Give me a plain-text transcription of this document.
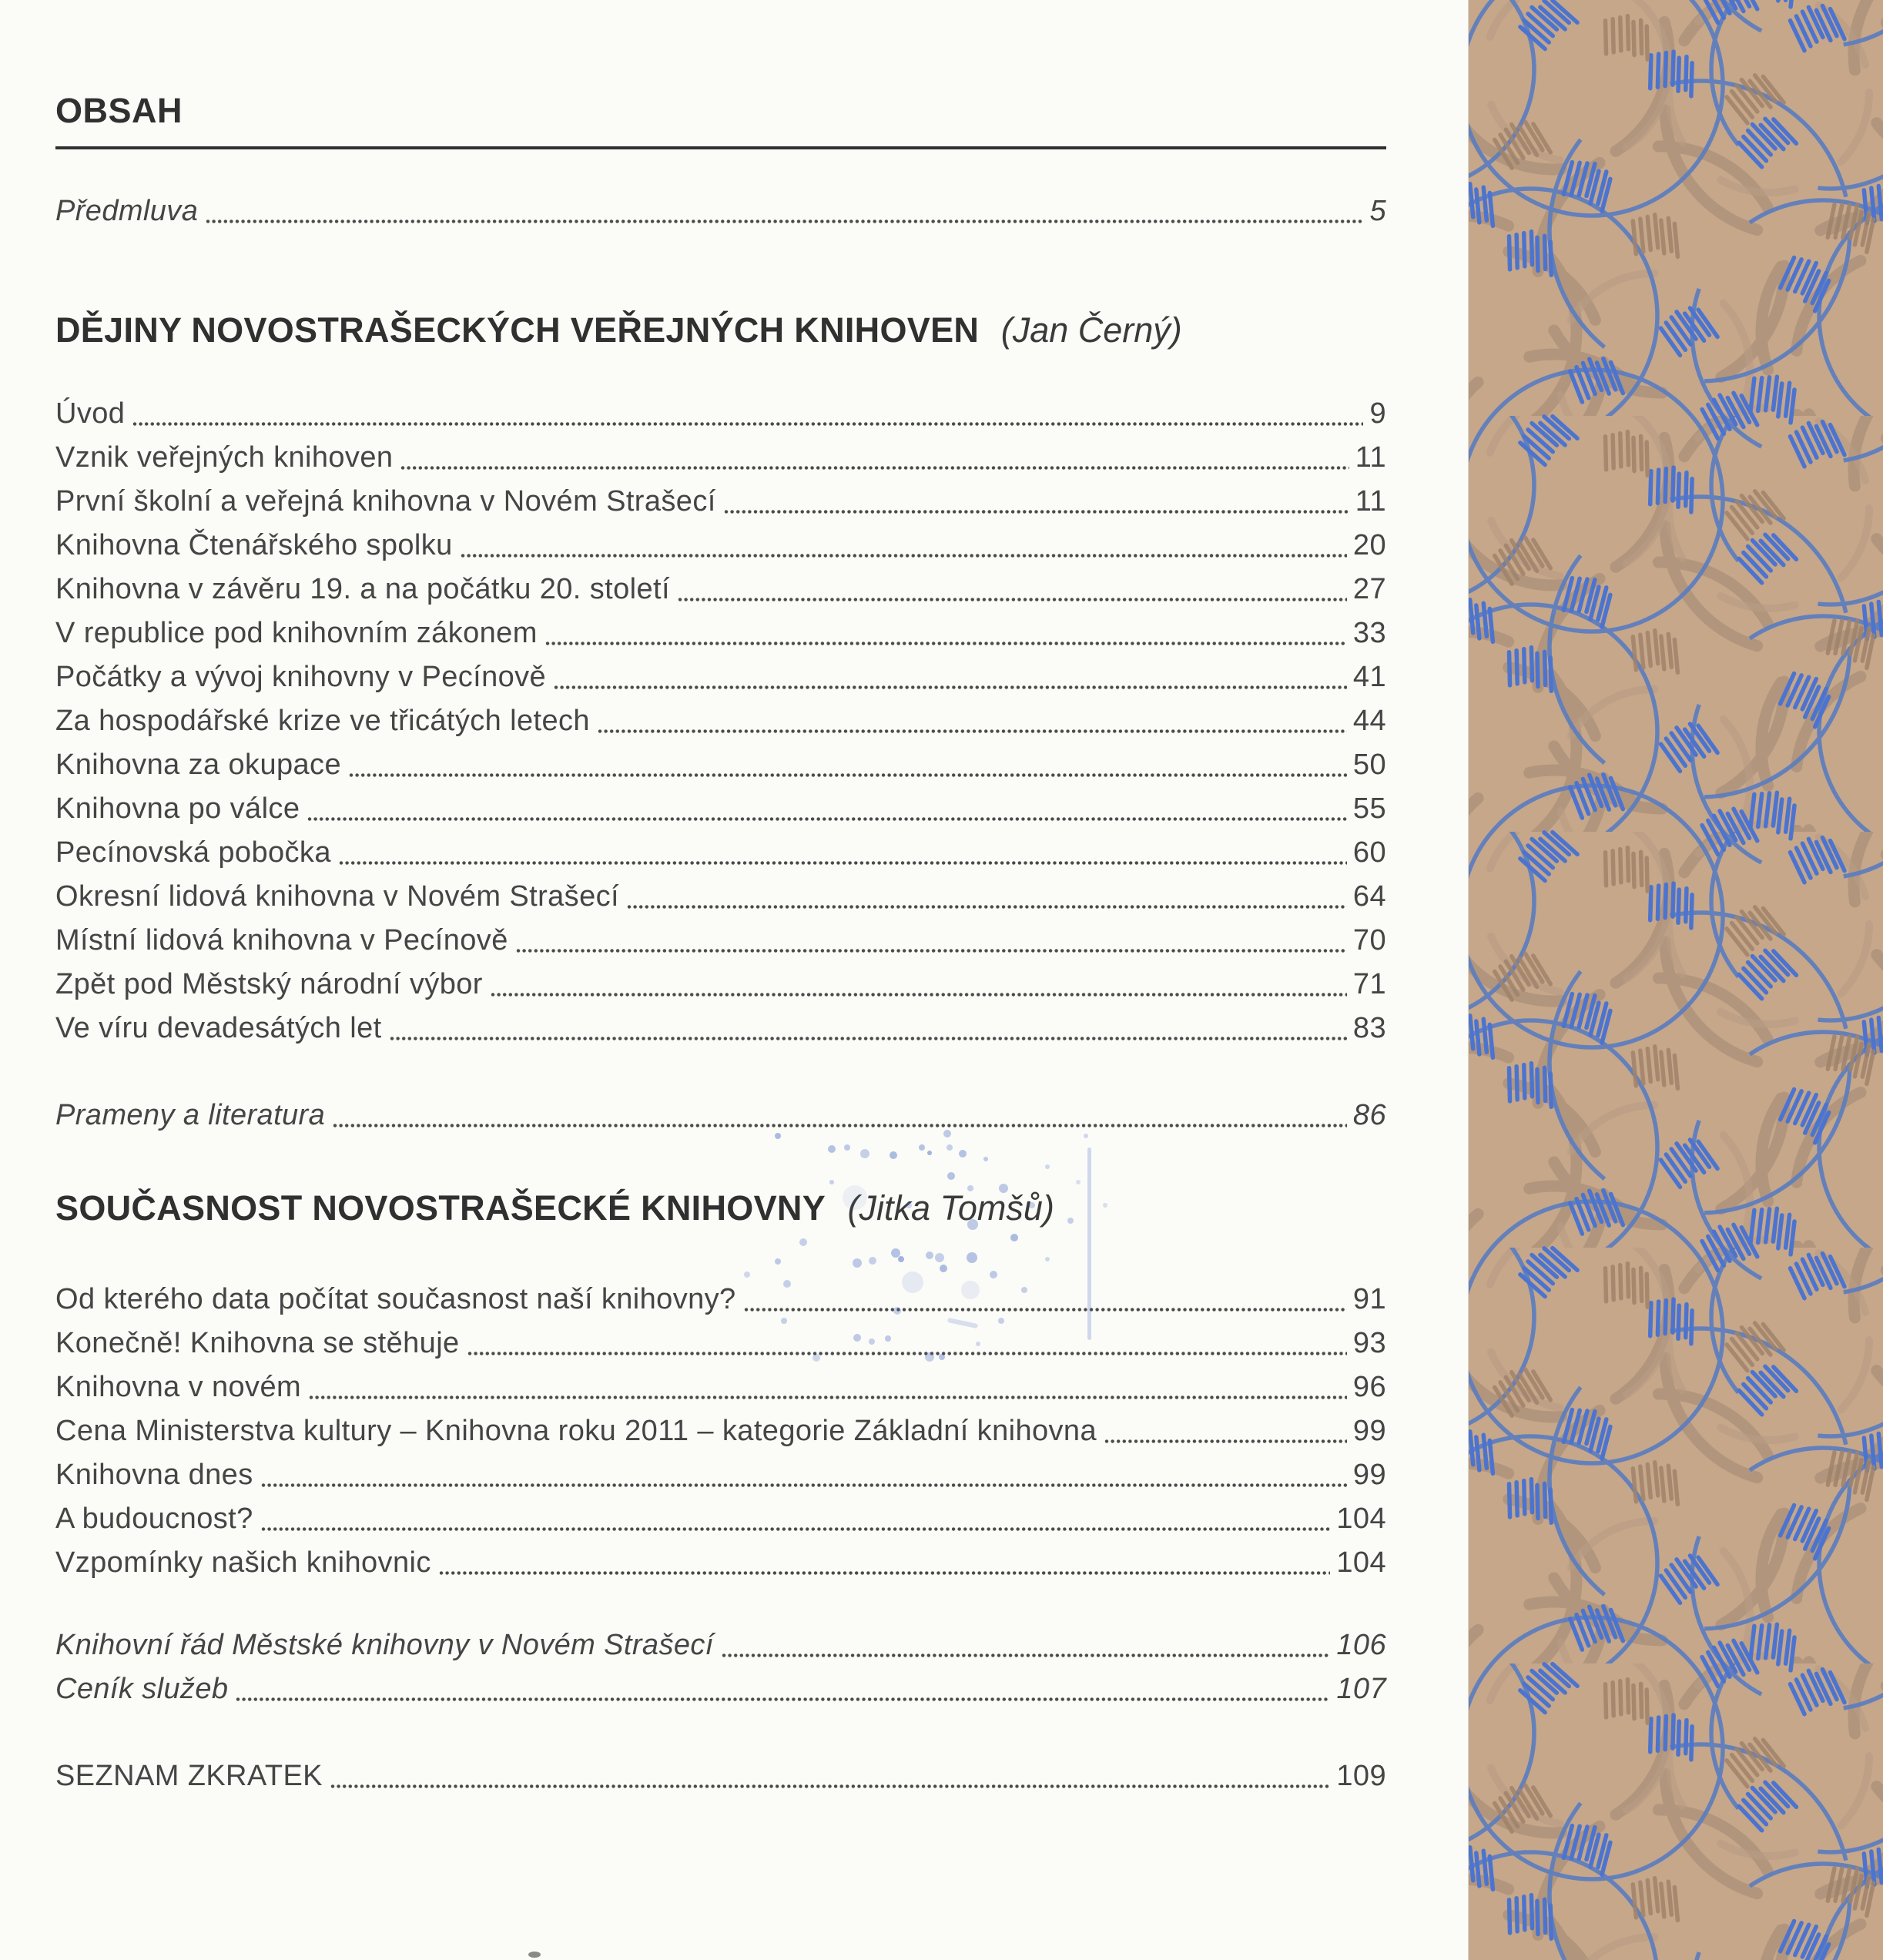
OBSAH
Předmluva	5
DĚJINY NOVOSTRAŠECKÝCH VEŘEJNÝCH KNIHOVEN (Jan Černý)
Úvod	9
Vznik veřejných knihoven	11
První školní a veřejná knihovna v Novém Strašecí	11
Knihovna Čtenářského spolku	20
Knihovna v závěru 19. a na počátku 20. století	27
V republice pod knihovním zákonem	33
Počátky a vývoj knihovny v Pecínově	41
Za hospodářské krize ve třicátých letech	44
Knihovna za okupace	50
Knihovna po válce	55
Pecínovská pobočka	60
Okresní lidová knihovna v Novém Strašecí	64
Místní lidová knihovna v Pecínově	70
Zpět pod Městský národní výbor	71
Ve víru devadesátých let	83
Prameny a literatura	86
SOUČASNOST NOVOSTRAŠECKÉ KNIHOVNY (Jitka Tomšů)
Od kterého data počítat současnost naší knihovny?	91
Konečně! Knihovna se stěhuje	93
Knihovna v novém	96
Cena Ministerstva kultury – Knihovna roku 2011 – kategorie Základní knihovna	99
Knihovna dnes	99
A budoucnost?	104
Vzpomínky našich knihovnic	104
Knihovní řád Městské knihovny v Novém Strašecí	106
Ceník služeb	107
SEZNAM ZKRATEK	109
